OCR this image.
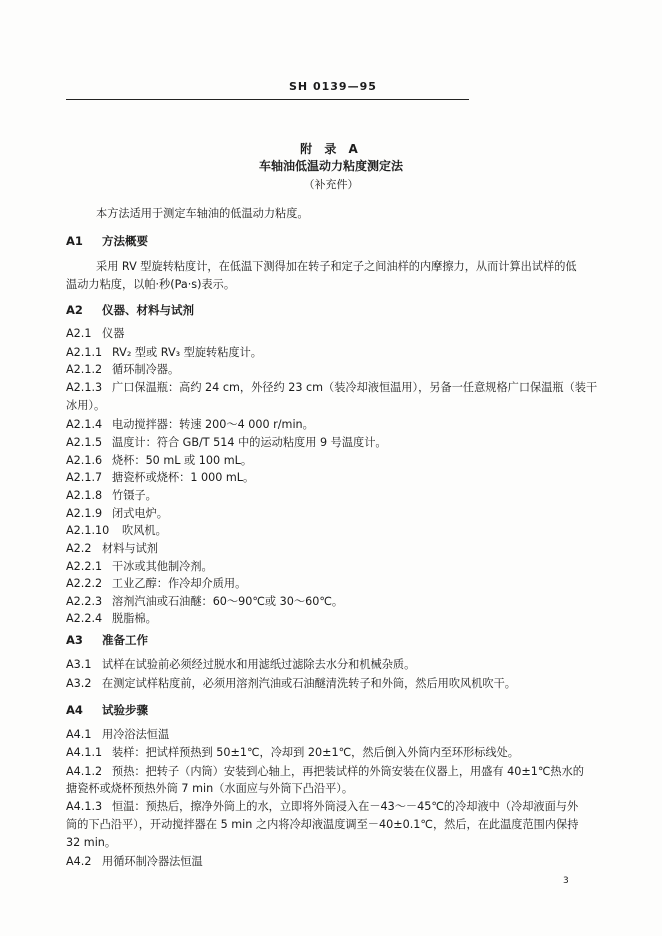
SH 0139—95
附 录 A
车轴油低温动力粘度测定法
（补充件）
本方法适用于测定车轴油的低温动力粘度。
A1 方法概要
采用 RV 型旋转粘度计，在低温下测得加在转子和定子之间油样的内摩擦力，从而计算出试样的低
温动力粘度，以帕·秒(Pa·s)表示。
A2 仪器、材料与试剂
A2.1 仪器
A2.1.1 RV₂ 型或 RV₃ 型旋转粘度计。
A2.1.2 循环制冷器。
A2.1.3 广口保温瓶：高约 24 cm，外径约 23 cm（装冷却液恒温用），另备一任意规格广口保温瓶（装干
冰用）。
A2.1.4 电动搅拌器：转速 200～4 000 r/min。
A2.1.5 温度计：符合 GB/T 514 中的运动粘度用 9 号温度计。
A2.1.6 烧杯：50 mL 或 100 mL。
A2.1.7 搪瓷杯或烧杯：1 000 mL。
A2.1.8 竹镊子。
A2.1.9 闭式电炉。
A2.1.10 吹风机。
A2.2 材料与试剂
A2.2.1 干冰或其他制冷剂。
A2.2.2 工业乙醇：作冷却介质用。
A2.2.3 溶剂汽油或石油醚：60～90℃或 30～60℃。
A2.2.4 脱脂棉。
A3 准备工作
A3.1 试样在试验前必须经过脱水和用滤纸过滤除去水分和机械杂质。
A3.2 在测定试样粘度前，必须用溶剂汽油或石油醚清洗转子和外筒，然后用吹风机吹干。
A4 试验步骤
A4.1 用冷浴法恒温
A4.1.1 装样：把试样预热到 50±1℃，冷却到 20±1℃，然后倒入外筒内至环形标线处。
A4.1.2 预热：把转子（内筒）安装到心轴上，再把装试样的外筒安装在仪器上，用盛有 40±1℃热水的
搪瓷杯或烧杯预热外筒 7 min（水面应与外筒下凸沿平）。
A4.1.3 恒温：预热后，擦净外筒上的水，立即将外筒浸入在－43～－45℃的冷却液中（冷却液面与外
筒的下凸沿平），开动搅拌器在 5 min 之内将冷却液温度调至－40±0.1℃，然后，在此温度范围内保持
32 min。
A4.2 用循环制冷器法恒温
3
